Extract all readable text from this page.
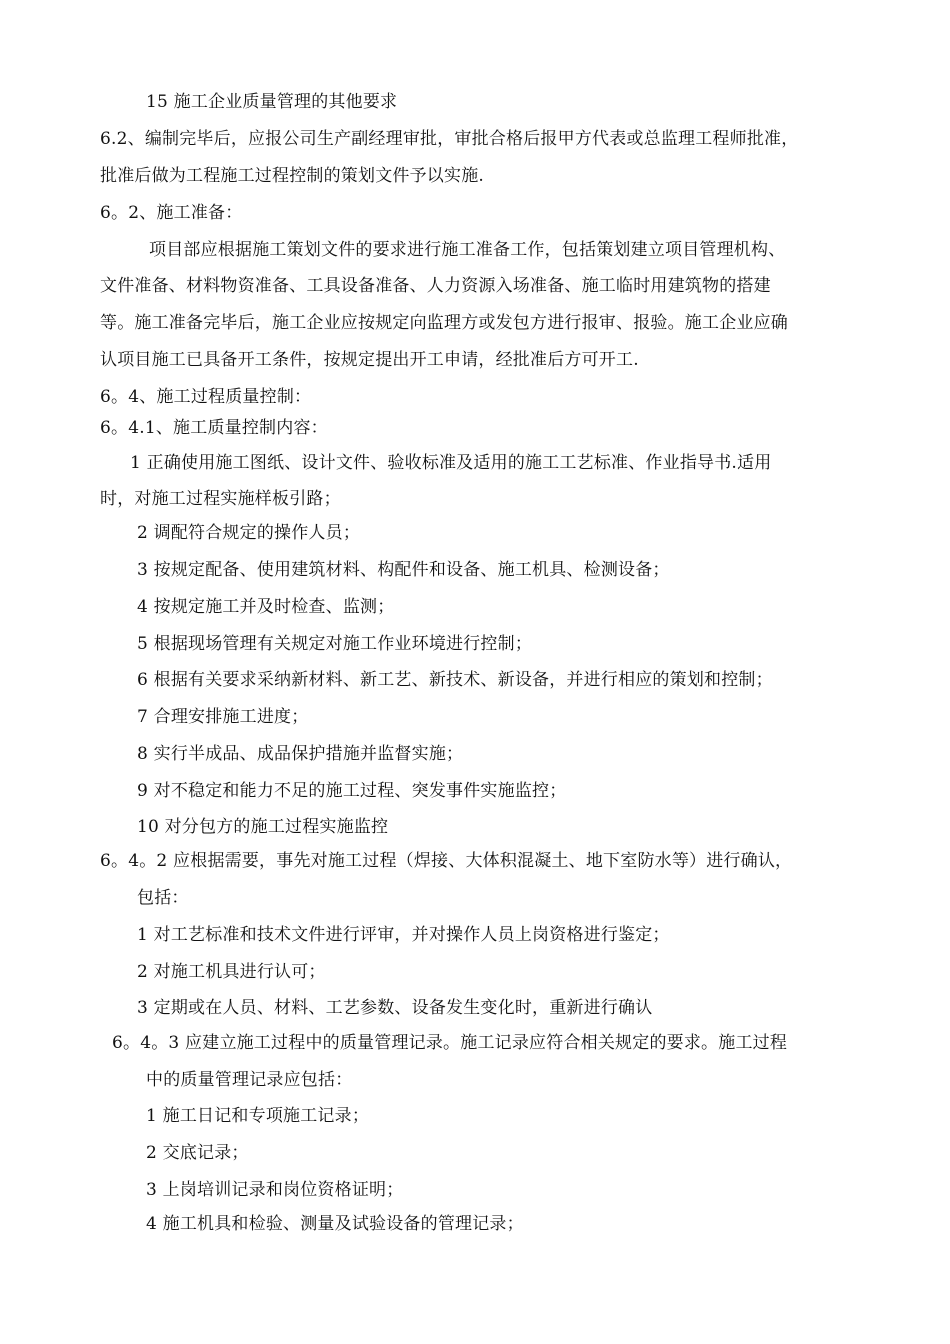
15 施工企业质量管理的其他要求
6.2、编制完毕后，应报公司生产副经理审批，审批合格后报甲方代表或总监理工程师批准，
批准后做为工程施工过程控制的策划文件予以实施.
6。2、施工准备：
项目部应根据施工策划文件的要求进行施工准备工作，包括策划建立项目管理机构、
文件准备、材料物资准备、工具设备准备、人力资源入场准备、施工临时用建筑物的搭建
等。施工准备完毕后，施工企业应按规定向监理方或发包方进行报审、报验。施工企业应确
认项目施工已具备开工条件，按规定提出开工申请，经批准后方可开工.
6。4、施工过程质量控制：
6。4.1、施工质量控制内容：
1 正确使用施工图纸、设计文件、验收标准及适用的施工工艺标准、作业指导书.适用
时，对施工过程实施样板引路；
2 调配符合规定的操作人员；
3 按规定配备、使用建筑材料、构配件和设备、施工机具、检测设备；
4 按规定施工并及时检查、监测；
5 根据现场管理有关规定对施工作业环境进行控制；
6 根据有关要求采纳新材料、新工艺、新技术、新设备，并进行相应的策划和控制；
7 合理安排施工进度；
8 实行半成品、成品保护措施并监督实施；
9 对不稳定和能力不足的施工过程、突发事件实施监控；
10 对分包方的施工过程实施监控
6。4。2 应根据需要，事先对施工过程（焊接、大体积混凝土、地下室防水等）进行确认，
包括：
1 对工艺标准和技术文件进行评审，并对操作人员上岗资格进行鉴定；
2 对施工机具进行认可；
3 定期或在人员、材料、工艺参数、设备发生变化时，重新进行确认
6。4。3 应建立施工过程中的质量管理记录。施工记录应符合相关规定的要求。施工过程
中的质量管理记录应包括：
1 施工日记和专项施工记录；
2 交底记录；
3 上岗培训记录和岗位资格证明；
4 施工机具和检验、测量及试验设备的管理记录；
